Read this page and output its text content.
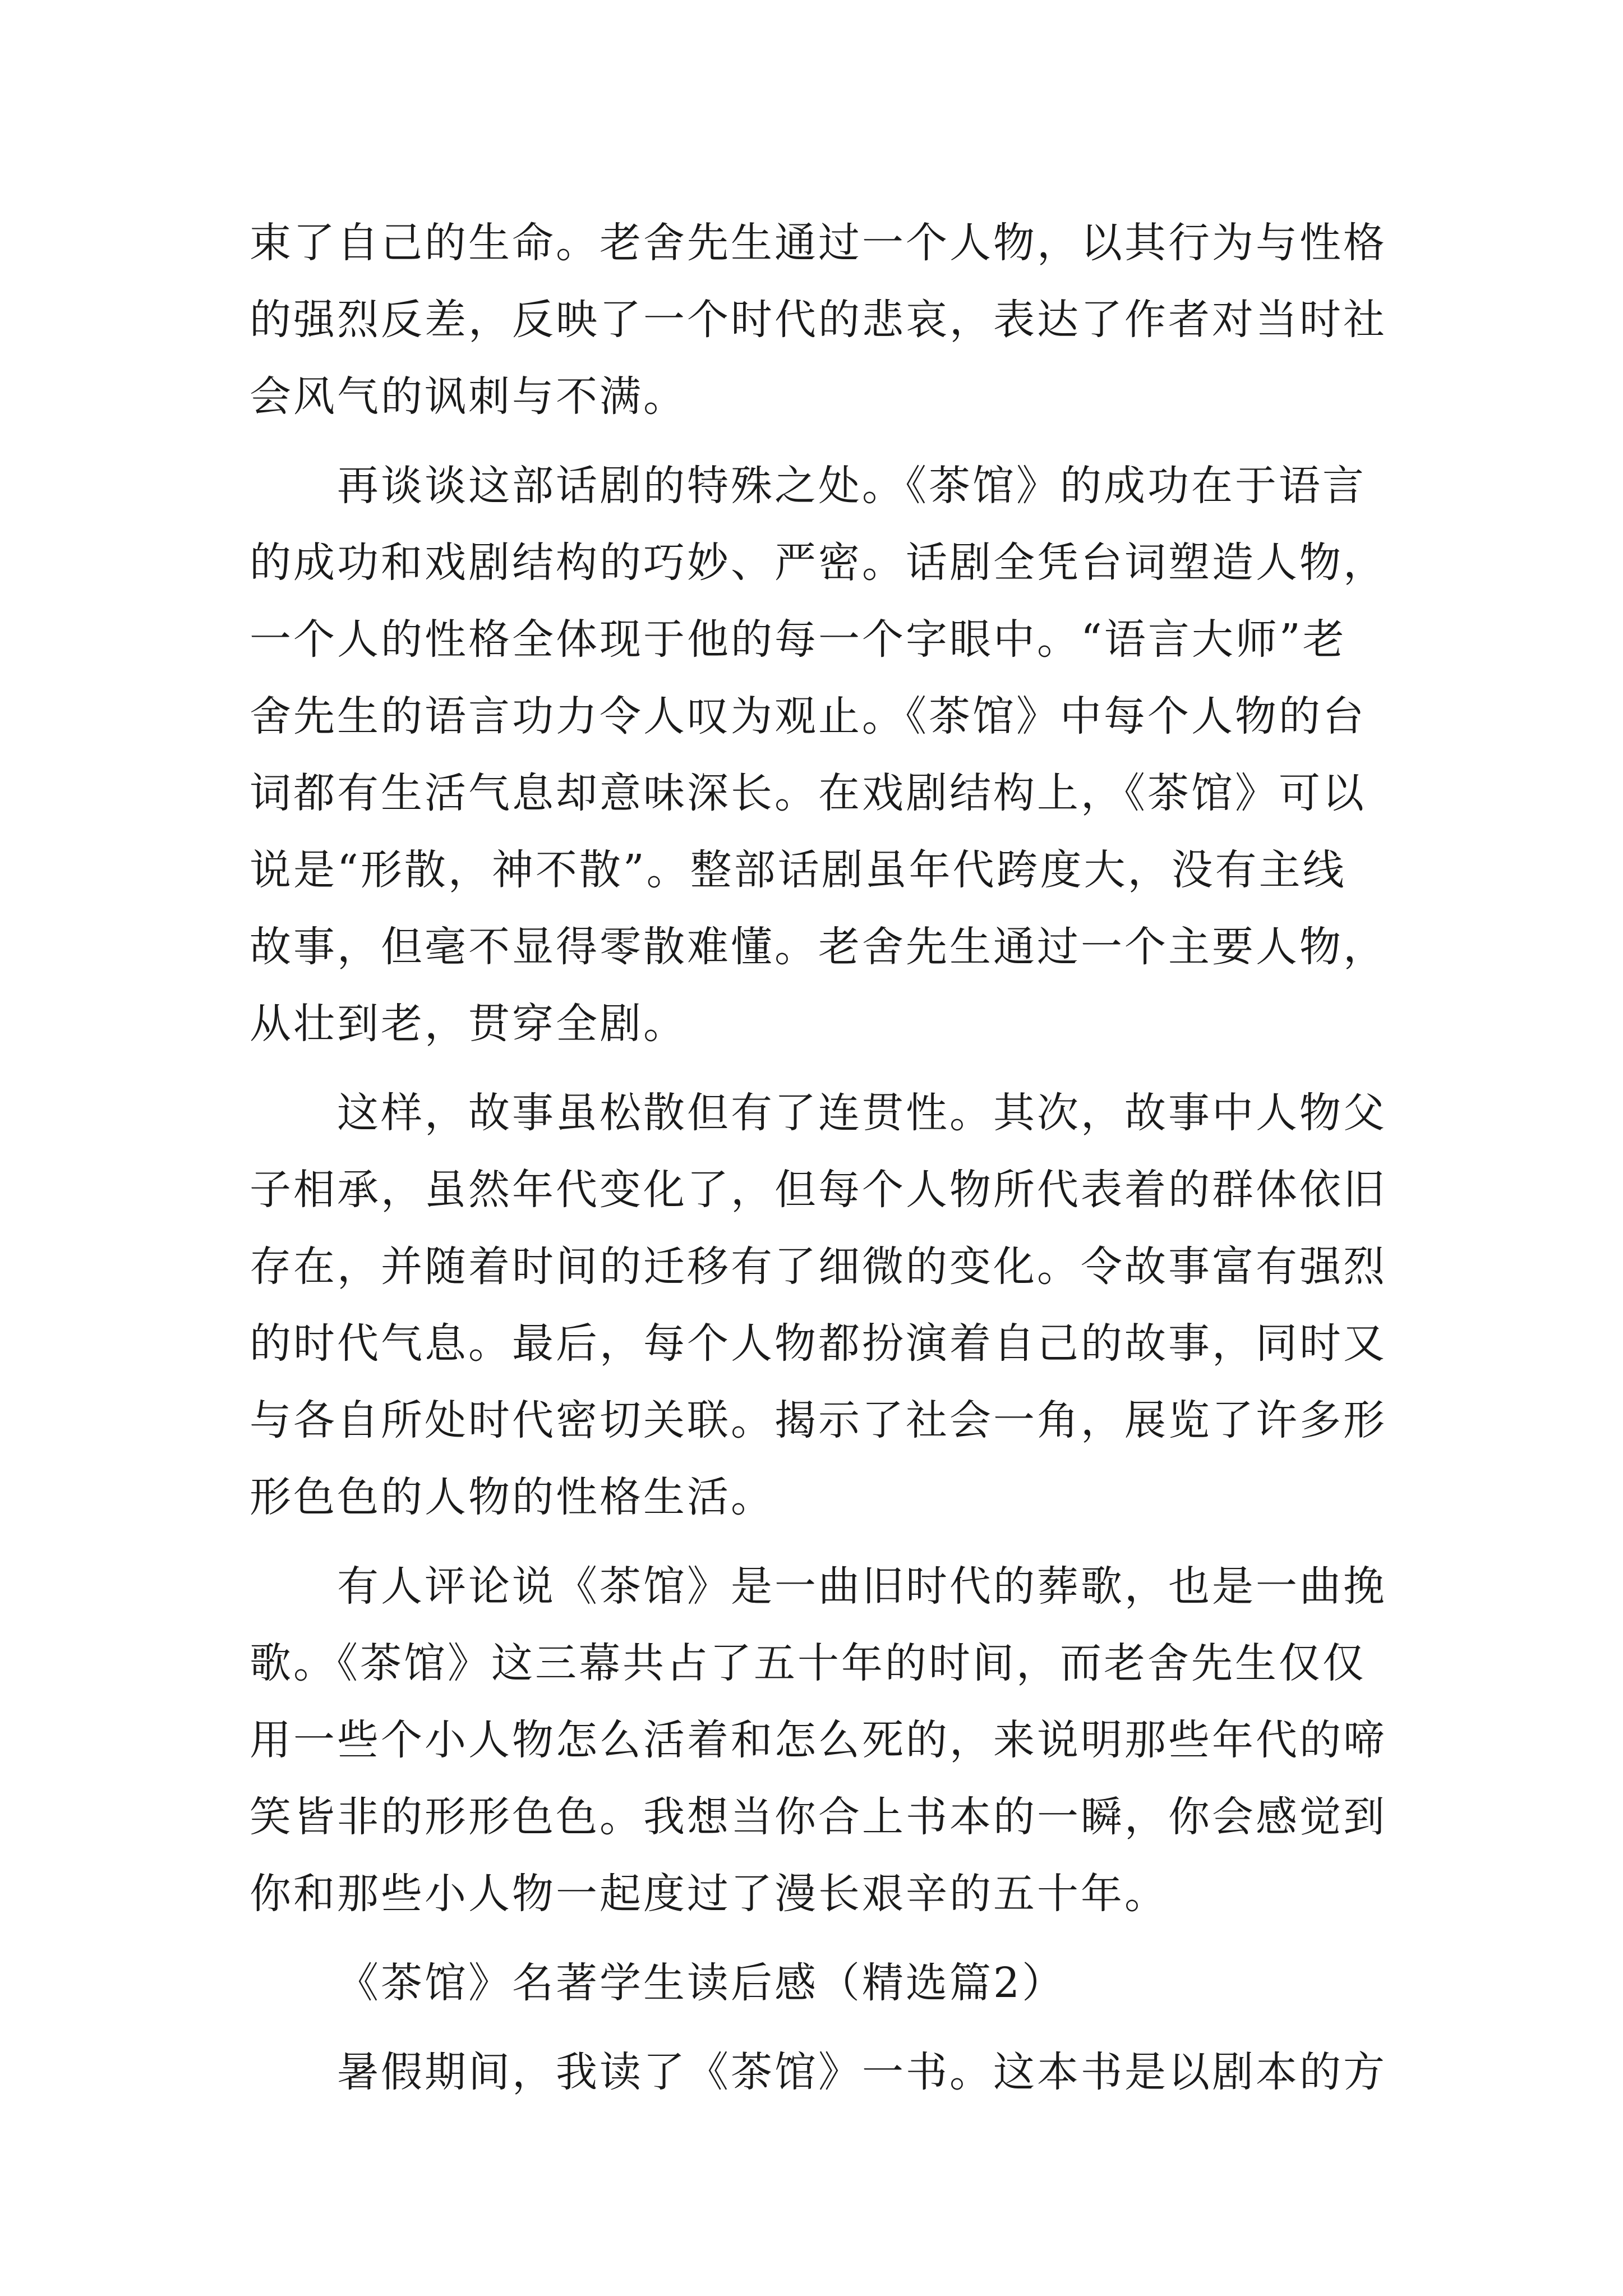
束了自己的生命。老舍先生通过一个人物，以其行为与性格
的强烈反差，反映了一个时代的悲哀，表达了作者对当时社
会风气的讽刺与不满。
再谈谈这部话剧的特殊之处。《茶馆》的成功在于语言
的成功和戏剧结构的巧妙、严密。话剧全凭台词塑造人物，
一个人的性格全体现于他的每一个字眼中。“语言大师”老
舍先生的语言功力令人叹为观止。《茶馆》中每个人物的台
词都有生活气息却意味深长。在戏剧结构上，《茶馆》可以
说是“形散，神不散”。整部话剧虽年代跨度大，没有主线
故事，但毫不显得零散难懂。老舍先生通过一个主要人物，
从壮到老，贯穿全剧。
这样，故事虽松散但有了连贯性。其次，故事中人物父
子相承，虽然年代变化了，但每个人物所代表着的群体依旧
存在，并随着时间的迁移有了细微的变化。令故事富有强烈
的时代气息。最后，每个人物都扮演着自己的故事，同时又
与各自所处时代密切关联。揭示了社会一角，展览了许多形
形色色的人物的性格生活。
有人评论说《茶馆》是一曲旧时代的葬歌，也是一曲挽
歌。《茶馆》这三幕共占了五十年的时间，而老舍先生仅仅
用一些个小人物怎么活着和怎么死的，来说明那些年代的啼
笑皆非的形形色色。我想当你合上书本的一瞬，你会感觉到
你和那些小人物一起度过了漫长艰辛的五十年。
《茶馆》名著学生读后感（精选篇2）
暑假期间，我读了《茶馆》一书。这本书是以剧本的方
